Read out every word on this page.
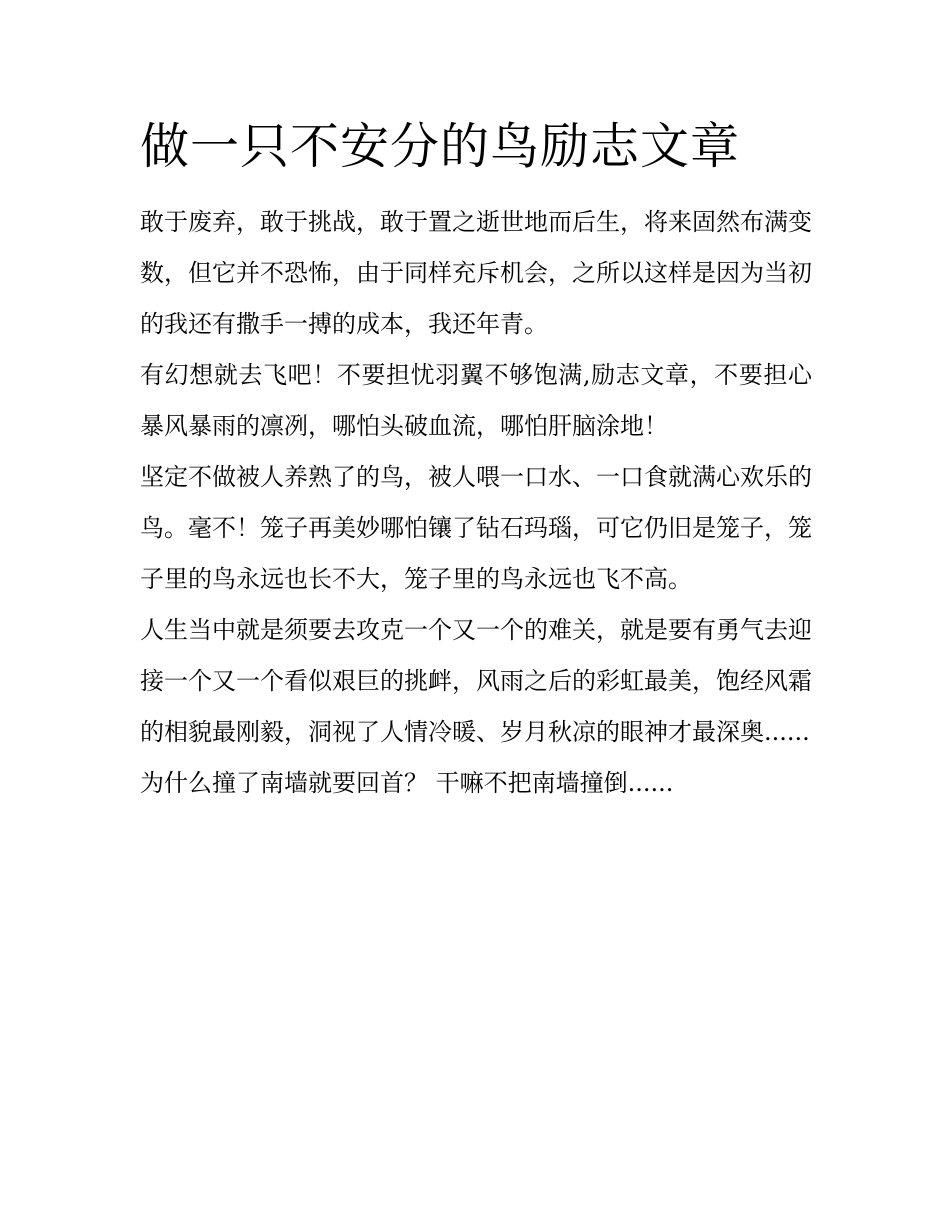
做一只不安分的鸟励志文章

敢于废弃，敢于挑战，敢于置之逝世地而后生，将来固然布满变数，但它并不恐怖，由于同样充斥机会，之所以这样是因为当初的我还有撒手一搏的成本，我还年青。

有幻想就去飞吧！不要担忧羽翼不够饱满,励志文章，不要担心暴风暴雨的凛冽，哪怕头破血流，哪怕肝脑涂地！

坚定不做被人养熟了的鸟，被人喂一口水、一口食就满心欢乐的鸟。毫不！笼子再美妙哪怕镶了钻石玛瑙，可它仍旧是笼子，笼子里的鸟永远也长不大，笼子里的鸟永远也飞不高。

人生当中就是须要去攻克一个又一个的难关，就是要有勇气去迎接一个又一个看似艰巨的挑衅，风雨之后的彩虹最美，饱经风霜的相貌最刚毅，洞视了人情冷暖、岁月秋凉的眼神才最深奥......

为什么撞了南墙就要回首？ 干嘛不把南墙撞倒......
